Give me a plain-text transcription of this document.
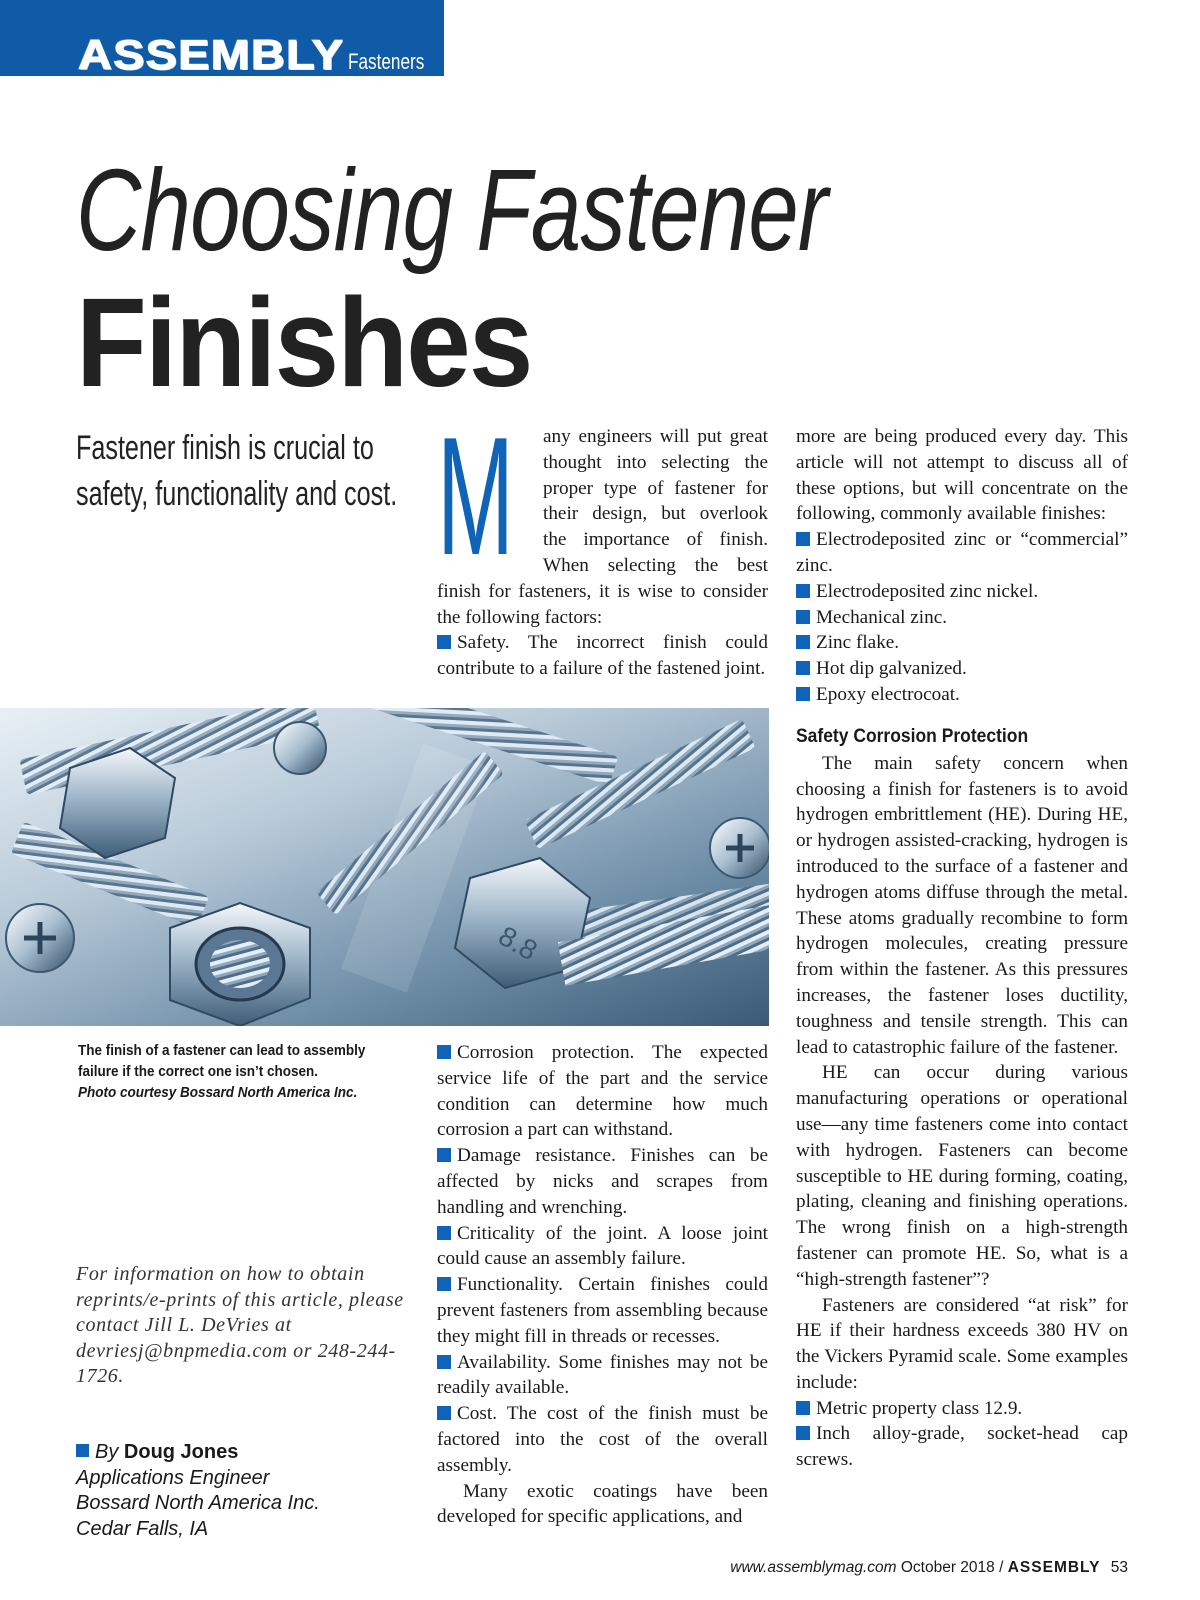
ASSEMBLY Fasteners
Choosing Fastener
Finishes
Fastener finish is crucial to
safety, functionality and cost. M	any engineers will put great thought into selecting the proper type of fastener for their design, but overlook the importance of finish. When selecting the best finish for fasteners, it is wise to consider the following factors:

Safety. The incorrect finish could contribute to a failure of the fastened joint.

8.8
The finish of a fastener can lead to assembly failure if the correct one isn’t chosen.
Photo courtesy Bossard North America Inc.

Corrosion protection. The expected service life of the part and the service condition can determine how much corrosion a part can withstand.

Damage resistance. Finishes can be affected by nicks and scrapes from handling and wrenching.

Criticality of the joint. A loose joint could cause an assembly failure.

Functionality. Certain finishes could prevent fasteners from assembling because they might fill in threads or recesses.

Availability. Some finishes may not be readily available.

Cost. The cost of the finish must be factored into the cost of the overall assembly.

Many exotic coatings have been developed for specific applications, and

more are being produced every day. This article will not attempt to discuss all of these options, but will concentrate on the following, commonly available finishes:

Electrodeposited zinc or “commercial” zinc.

Electrodeposited zinc nickel.

Mechanical zinc.

Zinc flake.

Hot dip galvanized.

Epoxy electrocoat.

Safety Corrosion Protection

The main safety concern when choosing a finish for fasteners is to avoid hydrogen embrittlement (HE). During HE, or hydrogen assisted-cracking, hydrogen is introduced to the surface of a fastener and hydrogen atoms diffuse through the metal. These atoms gradually recombine to form hydrogen molecules, creating pressure from within the fastener. As this pressures increases, the fastener loses ductility, toughness and tensile strength. This can lead to catastrophic failure of the fastener.

HE can occur during various manufacturing operations or operational use—any time fasteners come into contact with hydrogen. Fasteners can become susceptible to HE during forming, coating, plating, cleaning and finishing operations. The wrong finish on a high-strength fastener can promote HE. So, what is a “high-strength fastener”?

Fasteners are considered “at risk” for HE if their hardness exceeds 380 HV on the Vickers Pyramid scale. Some examples include:

Metric property class 12.9.

Inch alloy-grade, socket-head cap screws.

For information on how to obtain reprints/e-prints of this article, please contact Jill L. DeVries at devriesj@bnpmedia.com or 248-244-1726.
By Doug Jones
Applications Engineer
Bossard North America Inc.
Cedar Falls, IA
www.assemblymag.com October 2018 / ASSEMBLY 53
